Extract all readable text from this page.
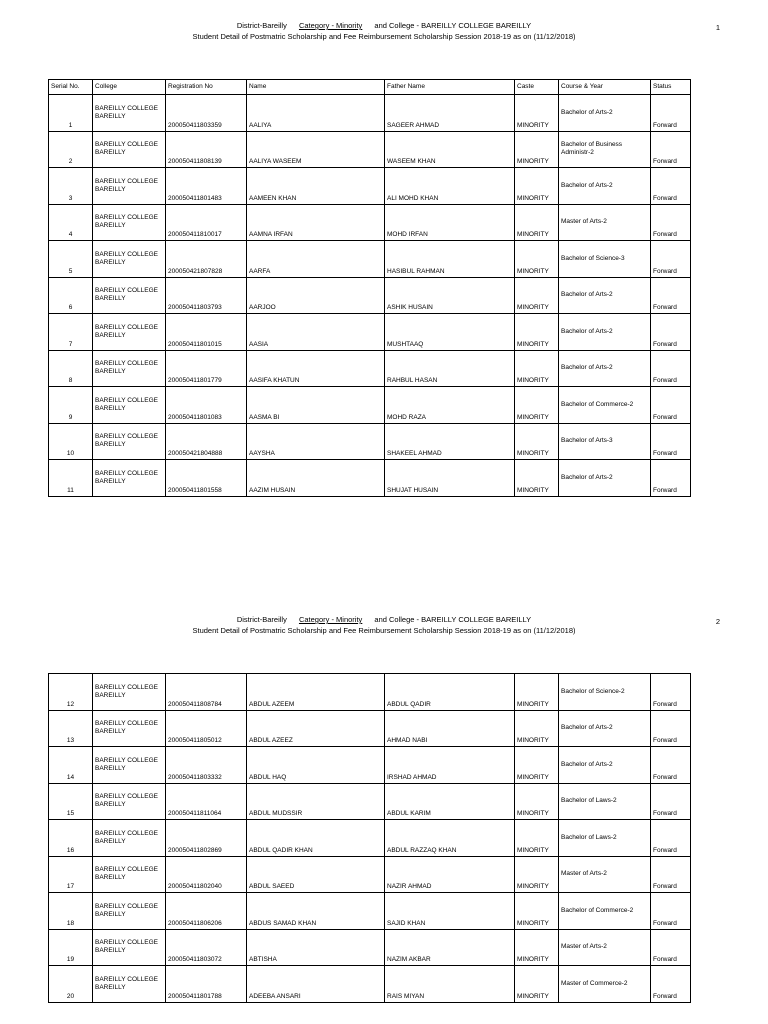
District-Bareilly Category - Minority and College - BAREILLY COLLEGE BAREILLY
Student Detail of Postmatric Scholarship and Fee Reimbursement Scholarship Session 2018-19 as on (11/12/2018)
1
Serial No.	College	Registration No	Name	Father Name	Caste	Course & Year	Status
1	BAREILLY COLLEGE BAREILLY	200050411803359	AALIYA	SAGEER AHMAD	MINORITY	Bachelor of Arts-2	Forward
2	BAREILLY COLLEGE BAREILLY	200050411808139	AALIYA WASEEM	WASEEM KHAN	MINORITY	Bachelor of Business Administr-2	Forward
3	BAREILLY COLLEGE BAREILLY	200050411801483	AAMEEN KHAN	ALI MOHD KHAN	MINORITY	Bachelor of Arts-2	Forward
4	BAREILLY COLLEGE BAREILLY	200050411810017	AAMNA IRFAN	MOHD IRFAN	MINORITY	Master of Arts-2	Forward
5	BAREILLY COLLEGE BAREILLY	200050421807828	AARFA	HASIBUL RAHMAN	MINORITY	Bachelor of Science-3	Forward
6	BAREILLY COLLEGE BAREILLY	200050411803793	AARJOO	ASHIK HUSAIN	MINORITY	Bachelor of Arts-2	Forward
7	BAREILLY COLLEGE BAREILLY	200050411801015	AASIA	MUSHTAAQ	MINORITY	Bachelor of Arts-2	Forward
8	BAREILLY COLLEGE BAREILLY	200050411801779	AASIFA KHATUN	RAHBUL HASAN	MINORITY	Bachelor of Arts-2	Forward
9	BAREILLY COLLEGE BAREILLY	200050411801083	AASMA BI	MOHD RAZA	MINORITY	Bachelor of Commerce-2	Forward
10	BAREILLY COLLEGE BAREILLY	200050421804888	AAYSHA	SHAKEEL AHMAD	MINORITY	Bachelor of Arts-3	Forward
11	BAREILLY COLLEGE BAREILLY	200050411801558	AAZIM HUSAIN	SHUJAT HUSAIN	MINORITY	Bachelor of Arts-2	Forward
District-Bareilly Category - Minority and College - BAREILLY COLLEGE BAREILLY
Student Detail of Postmatric Scholarship and Fee Reimbursement Scholarship Session 2018-19 as on (11/12/2018)
2
12	BAREILLY COLLEGE BAREILLY	200050411808784	ABDUL AZEEM	ABDUL QADIR	MINORITY	Bachelor of Science-2	Forward
13	BAREILLY COLLEGE BAREILLY	200050411805012	ABDUL AZEEZ	AHMAD NABI	MINORITY	Bachelor of Arts-2	Forward
14	BAREILLY COLLEGE BAREILLY	200050411803332	ABDUL HAQ	IRSHAD AHMAD	MINORITY	Bachelor of Arts-2	Forward
15	BAREILLY COLLEGE BAREILLY	200050411811064	ABDUL MUDSSIR	ABDUL KARIM	MINORITY	Bachelor of Laws-2	Forward
16	BAREILLY COLLEGE BAREILLY	200050411802869	ABDUL QADIR KHAN	ABDUL RAZZAQ KHAN	MINORITY	Bachelor of Laws-2	Forward
17	BAREILLY COLLEGE BAREILLY	200050411802040	ABDUL SAEED	NAZIR AHMAD	MINORITY	Master of Arts-2	Forward
18	BAREILLY COLLEGE BAREILLY	200050411806206	ABDUS SAMAD KHAN	SAJID KHAN	MINORITY	Bachelor of Commerce-2	Forward
19	BAREILLY COLLEGE BAREILLY	200050411803072	ABTISHA	NAZIM AKBAR	MINORITY	Master of Arts-2	Forward
20	BAREILLY COLLEGE BAREILLY	200050411801788	ADEEBA ANSARI	RAIS MIYAN	MINORITY	Master of Commerce-2	Forward
